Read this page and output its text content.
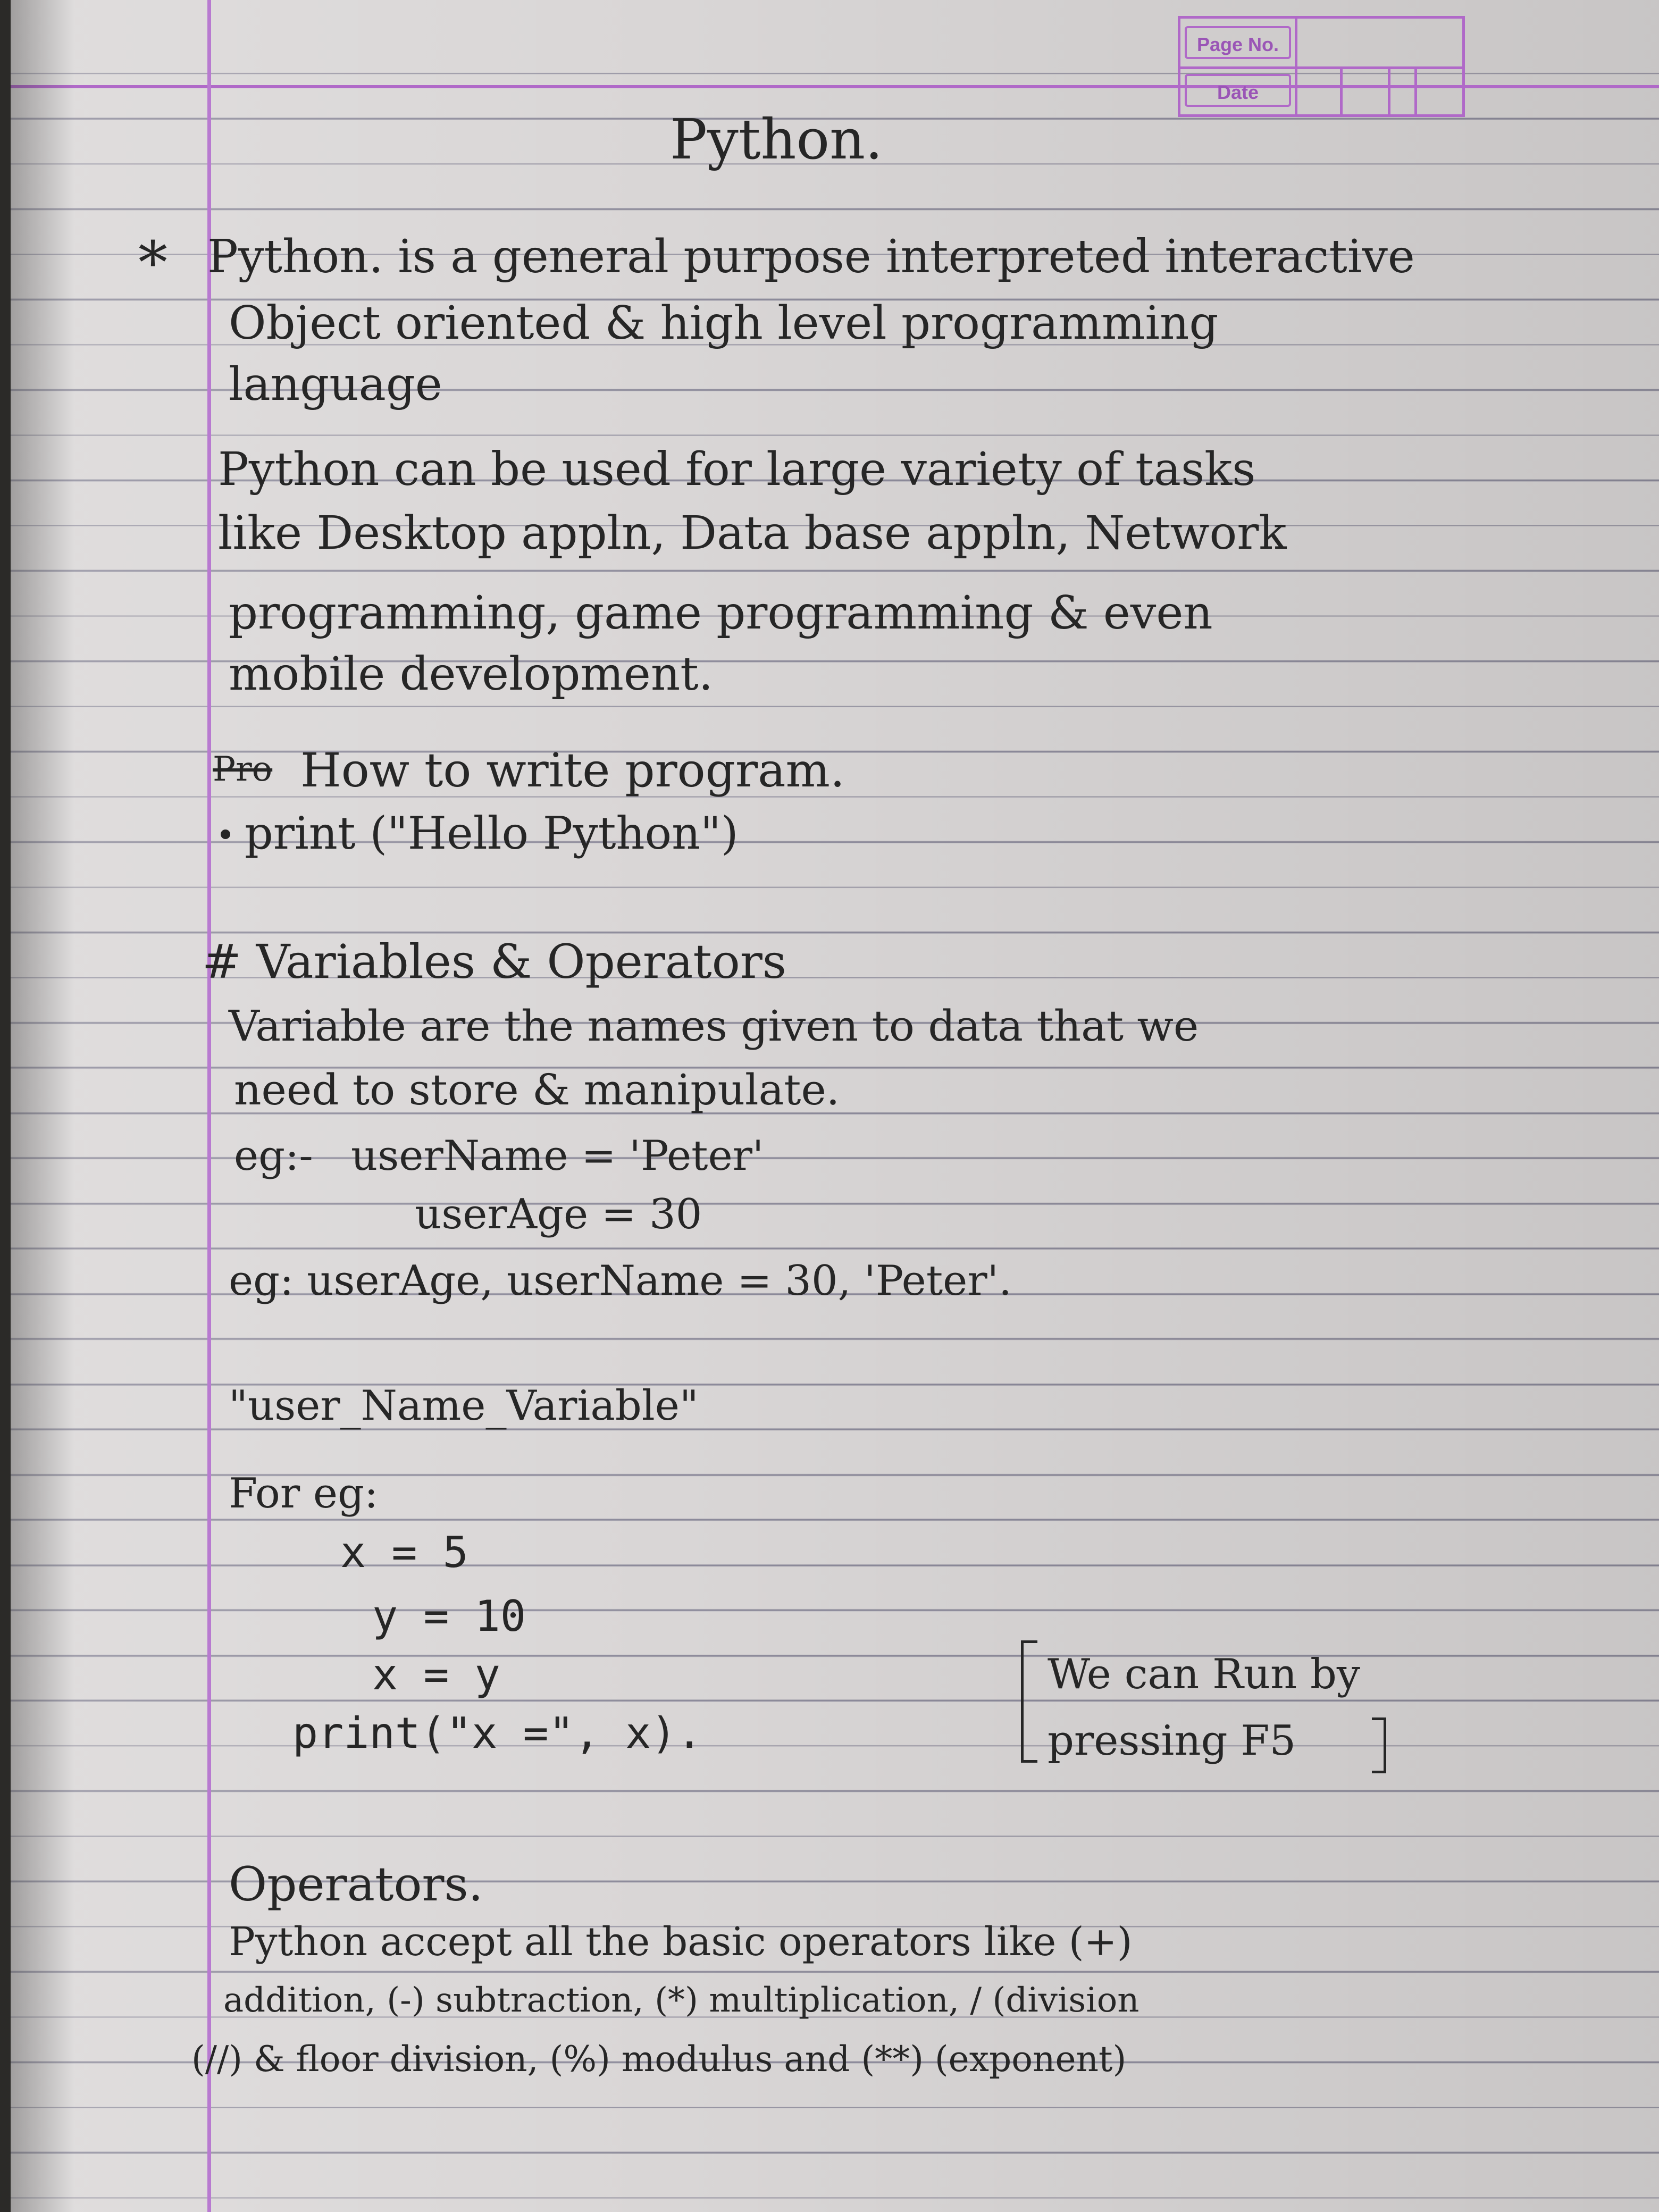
Page No.
Date
Python.
* Python. is a general purpose interpreted interactive
Object oriented & high level programming
language
Python can be used for large variety of tasks
like Desktop appln, Data base appln, Network
programming, game programming & even
mobile development.
Pro How to write program.
print ("Hello Python")
# Variables & Operators
Variable are the names given to data that we
need to store & manipulate.
eg:- userName = 'Peter'
userAge = 30
eg: userAge, userName = 30, 'Peter'.
"user_Name_Variable"
For eg:
x = 5
y = 10
x = y
print("x =", x).
We can Run by
pressing F5
Operators.
Python accept all the basic operators like (+)
addition, (-) subtraction, (*) multiplication, / (division
(//) & floor division, (%) modulus and (**) (exponent)
